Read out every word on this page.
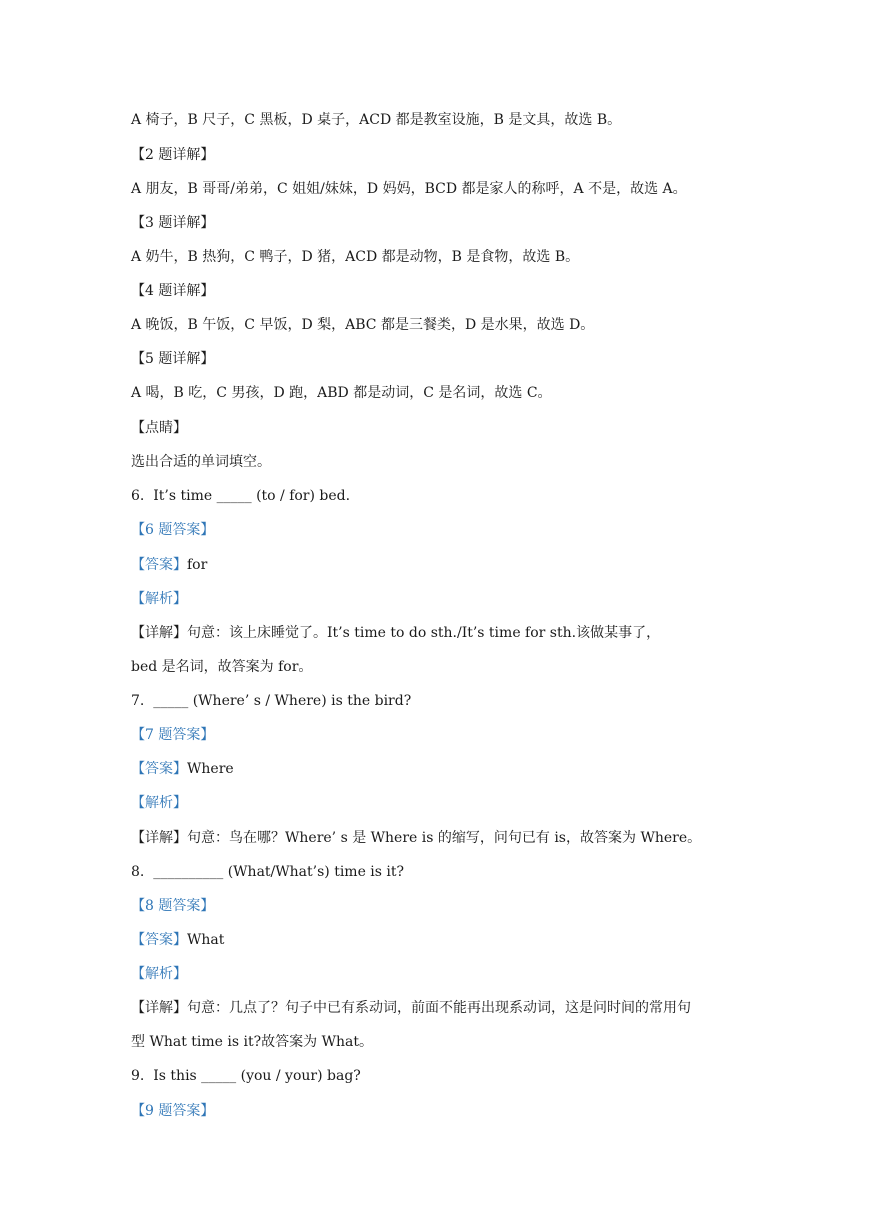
A 椅子，B 尺子，C 黑板，D 桌子，ACD 都是教室设施，B 是文具，故选 B。
【2 题详解】
A 朋友，B 哥哥/弟弟，C 姐姐/妹妹，D 妈妈，BCD 都是家人的称呼，A 不是，故选 A。
【3 题详解】
A 奶牛，B 热狗，C 鸭子，D 猪，ACD 都是动物，B 是食物，故选 B。
【4 题详解】
A 晚饭，B 午饭，C 早饭，D 梨，ABC 都是三餐类，D 是水果，故选 D。
【5 题详解】
A 喝，B 吃，C 男孩，D 跑，ABD 都是动词，C 是名词，故选 C。
【点睛】
选出合适的单词填空。
6.  It’s time _____ (to / for) bed.
【6 题答案】
【答案】for
【解析】
【详解】句意：该上床睡觉了。It’s time to do sth./It’s time for sth.该做某事了，
bed 是名词，故答案为 for。
7.  _____ (Where’ s / Where) is the bird?
【7 题答案】
【答案】Where
【解析】
【详解】句意：鸟在哪？Where’ s 是 Where is 的缩写，问句已有 is，故答案为 Where。
8.  __________ (What/What’s) time is it?
【8 题答案】
【答案】What
【解析】
【详解】句意：几点了？句子中已有系动词，前面不能再出现系动词，这是问时间的常用句
型 What time is it?故答案为 What。
9.  Is this _____ (you / your) bag?
【9 题答案】
